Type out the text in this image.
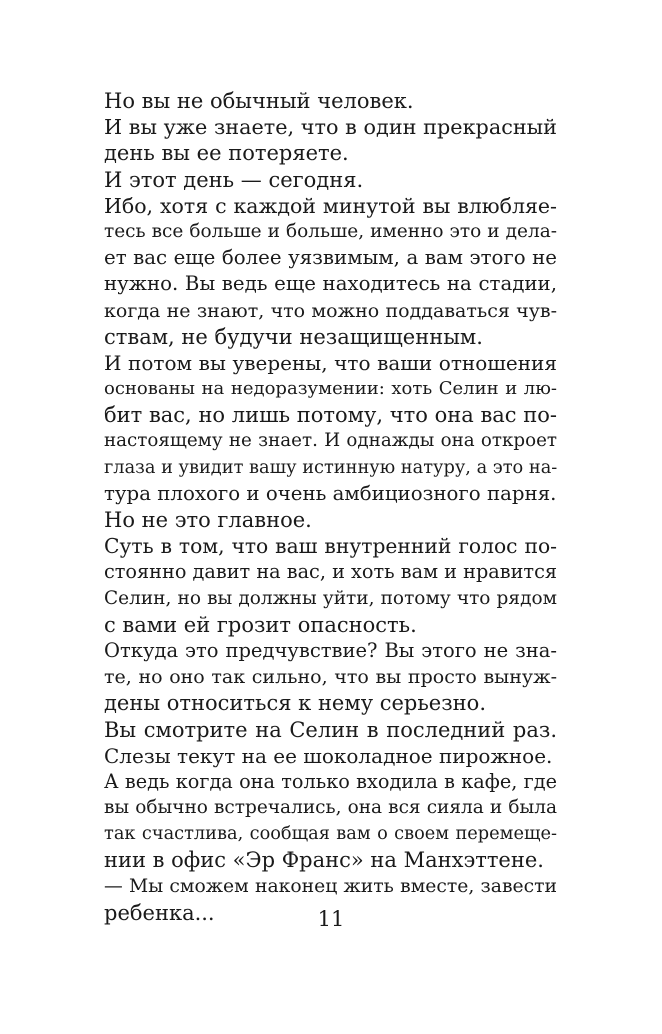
Но вы не обычный человек.
И вы уже знаете, что в один прекрасный
день вы ее потеряете.
И этот день — сегодня.
Ибо, хотя с каждой минутой вы влюбляе-
тесь все больше и больше, именно это и дела-
ет вас еще более уязвимым, а вам этого не
нужно. Вы ведь еще находитесь на стадии,
когда не знают, что можно поддаваться чув-
ствам, не будучи незащищенным.
И потом вы уверены, что ваши отношения
основаны на недоразумении: хоть Селин и лю-
бит вас, но лишь потому, что она вас по-
настоящему не знает. И однажды она откроет
глаза и увидит вашу истинную натуру, а это на-
тура плохого и очень амбициозного парня.
Но не это главное.
Суть в том, что ваш внутренний голос по-
стоянно давит на вас, и хоть вам и нравится
Селин, но вы должны уйти, потому что рядом
с вами ей грозит опасность.
Откуда это предчувствие? Вы этого не зна-
те, но оно так сильно, что вы просто вынуж-
дены относиться к нему серьезно.
Вы смотрите на Селин в последний раз.
Слезы текут на ее шоколадное пирожное.
А ведь когда она только входила в кафе, где
вы обычно встречались, она вся сияла и была
так счастлива, сообщая вам о своем перемеще-
нии в офис «Эр Франс» на Манхэттене.
— Мы сможем наконец жить вместе, завести
ребенка...	11
